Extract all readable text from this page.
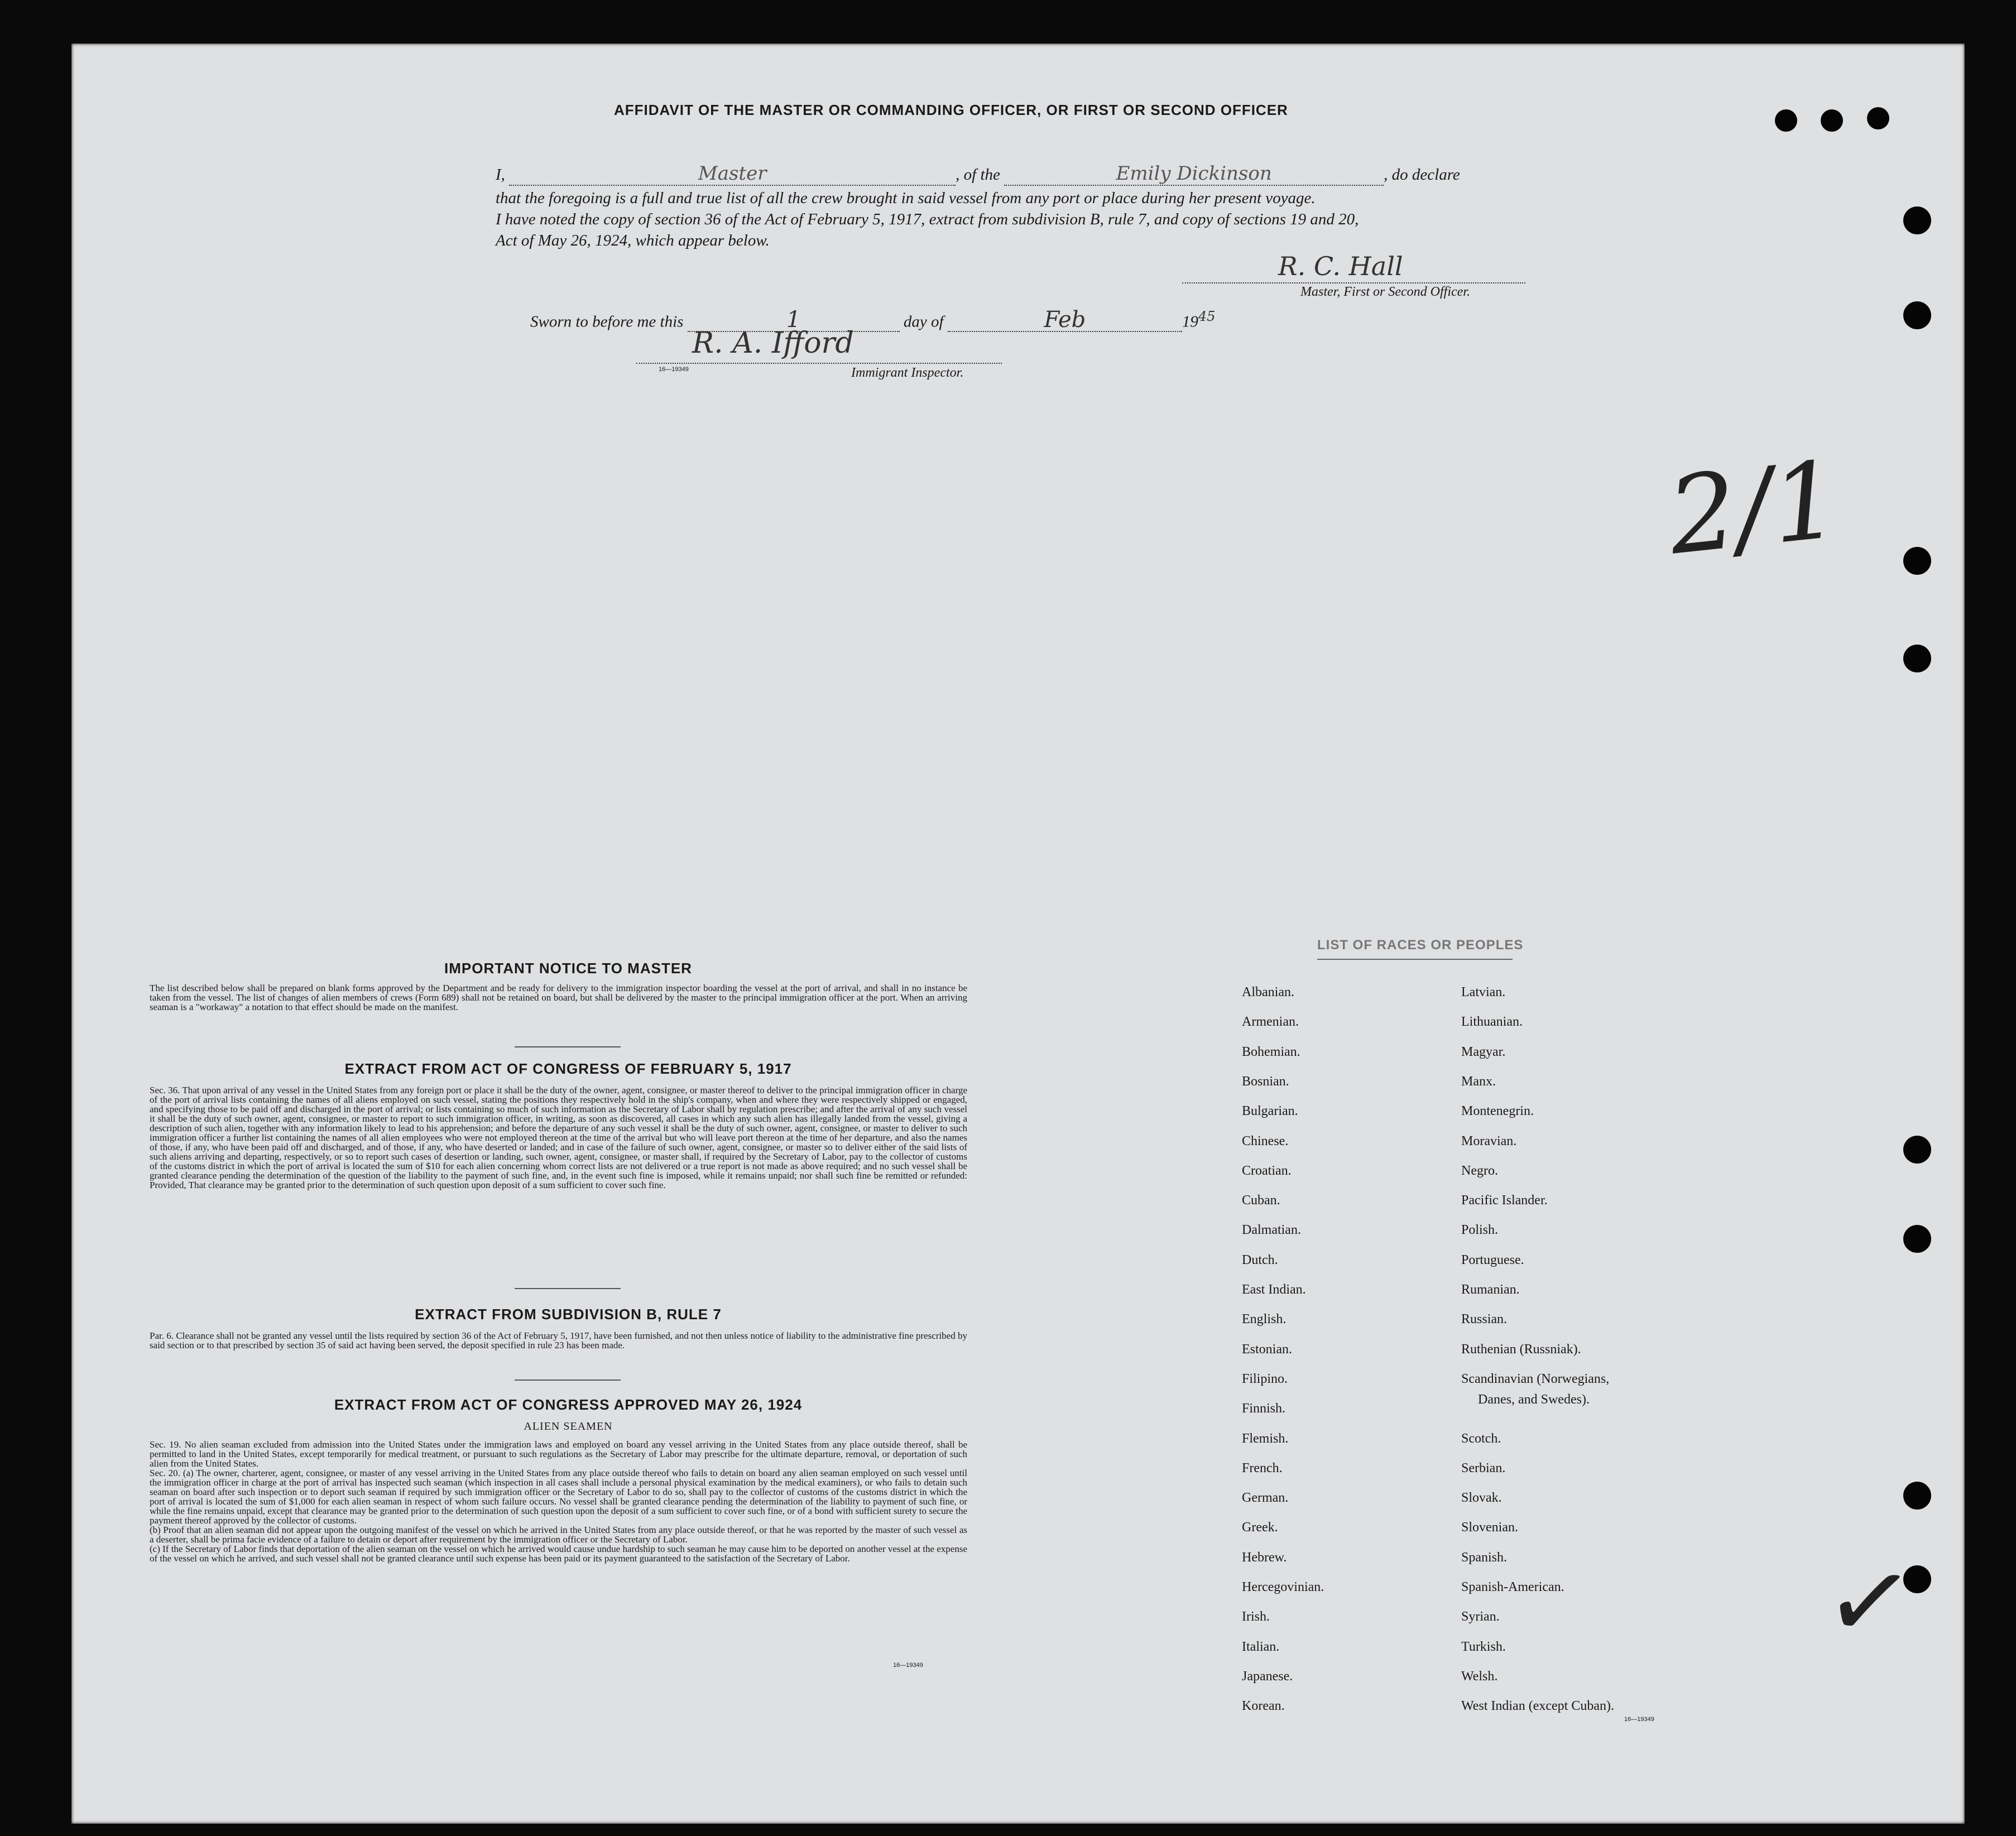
AFFIDAVIT OF THE MASTER OR COMMANDING OFFICER, OR FIRST OR SECOND OFFICER
I,	Master	, of the	Emily Dickinson	, do declare
that the foregoing is a full and true list of all the crew brought in said vessel from any port or place during her present voyage.
I have noted the copy of section 36 of the Act of February 5, 1917, extract from subdivision B, rule 7, and copy of sections 19 and 20,
Act of May 26, 1924, which appear below.
R. C. Hall
Master, First or Second Officer.
Sworn to before me this	1	day of	Feb	$19^{45}$
R. A. Ifford
Immigrant Inspector.
16—19349
2/1
✓
IMPORTANT NOTICE TO MASTER
The list described below shall be prepared on blank forms approved by the Department and be ready for delivery to the immigration inspector boarding the vessel at the port of arrival, and shall in no instance be taken from the vessel. The list of changes of alien members of crews (Form 689) shall not be retained on board, but shall be delivered by the master to the principal immigration officer at the port. When an arriving seaman is a "workaway" a notation to that effect should be made on the manifest.
EXTRACT FROM ACT OF CONGRESS OF FEBRUARY 5, 1917
Sec. 36. That upon arrival of any vessel in the United States from any foreign port or place it shall be the duty of the owner, agent, consignee, or master thereof to deliver to the principal immigration officer in charge of the port of arrival lists containing the names of all aliens employed on such vessel, stating the positions they respectively hold in the ship's company, when and where they were respectively shipped or engaged, and specifying those to be paid off and discharged in the port of arrival; or lists containing so much of such information as the Secretary of Labor shall by regulation prescribe; and after the arrival of any such vessel it shall be the duty of such owner, agent, consignee, or master to report to such immigration officer, in writing, as soon as discovered, all cases in which any such alien has illegally landed from the vessel, giving a description of such alien, together with any information likely to lead to his apprehension; and before the departure of any such vessel it shall be the duty of such owner, agent, consignee, or master to deliver to such immigration officer a further list containing the names of all alien employees who were not employed thereon at the time of the arrival but who will leave port thereon at the time of her departure, and also the names of those, if any, who have been paid off and discharged, and of those, if any, who have deserted or landed; and in case of the failure of such owner, agent, consignee, or master so to deliver either of the said lists of such aliens arriving and departing, respectively, or so to report such cases of desertion or landing, such owner, agent, consignee, or master shall, if required by the Secretary of Labor, pay to the collector of customs of the customs district in which the port of arrival is located the sum of $10 for each alien concerning whom correct lists are not delivered or a true report is not made as above required; and no such vessel shall be granted clearance pending the determination of the question of the liability to the payment of such fine, and, in the event such fine is imposed, while it remains unpaid; nor shall such fine be remitted or refunded: Provided, That clearance may be granted prior to the determination of such question upon deposit of a sum sufficient to cover such fine.
EXTRACT FROM SUBDIVISION B, RULE 7
Par. 6. Clearance shall not be granted any vessel until the lists required by section 36 of the Act of February 5, 1917, have been furnished, and not then unless notice of liability to the administrative fine prescribed by said section or to that prescribed by section 35 of said act having been served, the deposit specified in rule 23 has been made.
EXTRACT FROM ACT OF CONGRESS APPROVED MAY 26, 1924
ALIEN SEAMEN

Sec. 19. No alien seaman excluded from admission into the United States under the immigration laws and employed on board any vessel arriving in the United States from any place outside thereof, shall be permitted to land in the United States, except temporarily for medical treatment, or pursuant to such regulations as the Secretary of Labor may prescribe for the ultimate departure, removal, or deportation of such alien from the United States.

Sec. 20. (a) The owner, charterer, agent, consignee, or master of any vessel arriving in the United States from any place outside thereof who fails to detain on board any alien seaman employed on such vessel until the immigration officer in charge at the port of arrival has inspected such seaman (which inspection in all cases shall include a personal physical examination by the medical examiners), or who fails to detain such seaman on board after such inspection or to deport such seaman if required by such immigration officer or the Secretary of Labor to do so, shall pay to the collector of customs of the customs district in which the port of arrival is located the sum of $1,000 for each alien seaman in respect of whom such failure occurs. No vessel shall be granted clearance pending the determination of the liability to payment of such fine, or while the fine remains unpaid, except that clearance may be granted prior to the determination of such question upon the deposit of a sum sufficient to cover such fine, or of a bond with sufficient surety to secure the payment thereof approved by the collector of customs.

(b) Proof that an alien seaman did not appear upon the outgoing manifest of the vessel on which he arrived in the United States from any place outside thereof, or that he was reported by the master of such vessel as a deserter, shall be prima facie evidence of a failure to detain or deport after requirement by the immigration officer or the Secretary of Labor.

(c) If the Secretary of Labor finds that deportation of the alien seaman on the vessel on which he arrived would cause undue hardship to such seaman he may cause him to be deported on another vessel at the expense of the vessel on which he arrived, and such vessel shall not be granted clearance until such expense has been paid or its payment guaranteed to the satisfaction of the Secretary of Labor.

16—19349
LIST OF RACES OR PEOPLES
Albanian.
Armenian.
Bohemian.
Bosnian.
Bulgarian.
Chinese.
Croatian.
Cuban.
Dalmatian.
Dutch.
East Indian.
English.
Estonian.
Filipino.
Finnish.
Flemish.
French.
German.
Greek.
Hebrew.
Hercegovinian.
Irish.
Italian.
Japanese.
Korean.
Latvian.
Lithuanian.
Magyar.
Manx.
Montenegrin.
Moravian.
Negro.
Pacific Islander.
Polish.
Portuguese.
Rumanian.
Russian.
Ruthenian (Russniak).
Scandinavian (Norwegians,
Scotch.
Serbian.
Slovak.
Slovenian.
Spanish.
Spanish-American.
Syrian.
Turkish.
Welsh.
West Indian (except Cuban).
Danes, and Swedes).
16—19349
